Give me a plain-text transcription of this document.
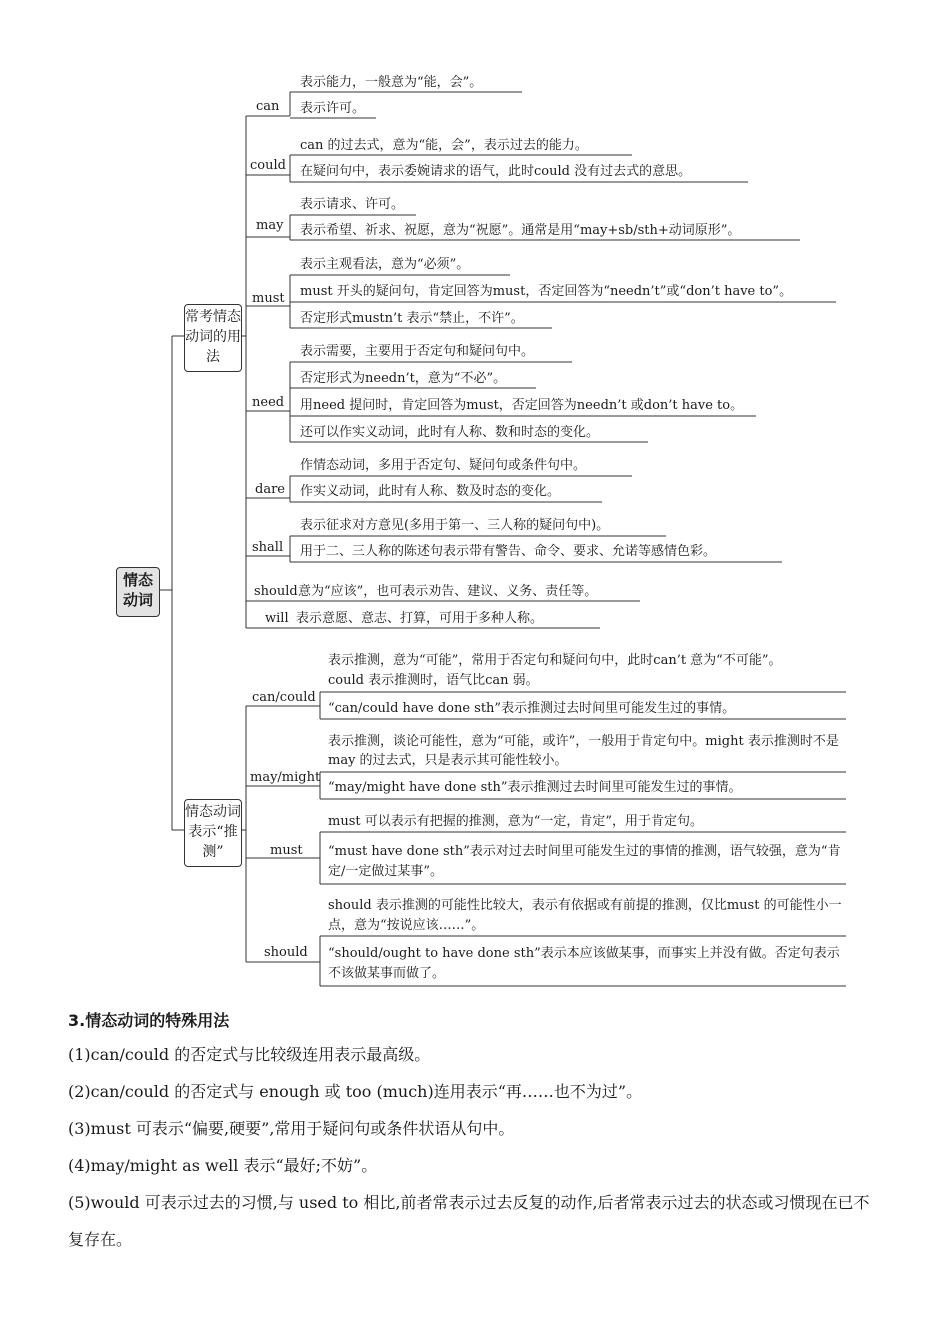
情态动词
常考情态动词的用法
情态动词表示“推测”
can
could
may
must
need
dare
shall
表示能力，一般意为“能，会”。
表示许可。
can 的过去式，意为“能，会”，表示过去的能力。
在疑问句中，表示委婉请求的语气，此时could 没有过去式的意思。
表示请求、许可。
表示希望、祈求、祝愿，意为“祝愿”。通常是用“may+sb/sth+动词原形”。
表示主观看法，意为“必须”。
must 开头的疑问句，肯定回答为must，否定回答为“needn’t”或“don’t have to”。
否定形式mustn’t 表示“禁止，不许”。
表示需要，主要用于否定句和疑问句中。
否定形式为needn’t，意为“不必”。
用need 提问时，肯定回答为must，否定回答为needn’t 或don’t have to。
还可以作实义动词，此时有人称、数和时态的变化。
作情态动词，多用于否定句、疑问句或条件句中。
作实义动词，此时有人称、数及时态的变化。
表示征求对方意见(多用于第一、三人称的疑问句中)。
用于二、三人称的陈述句表示带有警告、命令、要求、允诺等感情色彩。
should 意为“应该”，也可表示劝告、建议、义务、责任等。
will 表示意愿、意志、打算，可用于多种人称。
can/could
may/might
must
should
表示推测，意为“可能”，常用于否定句和疑问句中，此时can’t 意为“不可能”。
could 表示推测时，语气比can 弱。
“can/could have done sth”表示推测过去时间里可能发生过的事情。
表示推测，谈论可能性，意为“可能，或许”，一般用于肯定句中。might 表示推测时不是may 的过去式，只是表示其可能性较小。
“may/might have done sth”表示推测过去时间里可能发生过的事情。
must 可以表示有把握的推测，意为“一定，肯定”，用于肯定句。
“must have done sth”表示对过去时间里可能发生过的事情的推测，语气较强，意为“肯定/一定做过某事”。
should 表示推测的可能性比较大，表示有依据或有前提的推测，仅比must 的可能性小一点，意为“按说应该……”。
“should/ought to have done sth”表示本应该做某事，而事实上并没有做。否定句表示不该做某事而做了。
3.情态动词的特殊用法
(1)can/could 的否定式与比较级连用表示最高级。
(2)can/could 的否定式与 enough 或 too (much)连用表示“再……也不为过”。
(3)must 可表示“偏要,硬要”,常用于疑问句或条件状语从句中。
(4)may/might as well 表示“最好;不妨”。
(5)would 可表示过去的习惯,与 used to 相比,前者常表示过去反复的动作,后者常表示过去的状态或习惯现在已不复存在。
